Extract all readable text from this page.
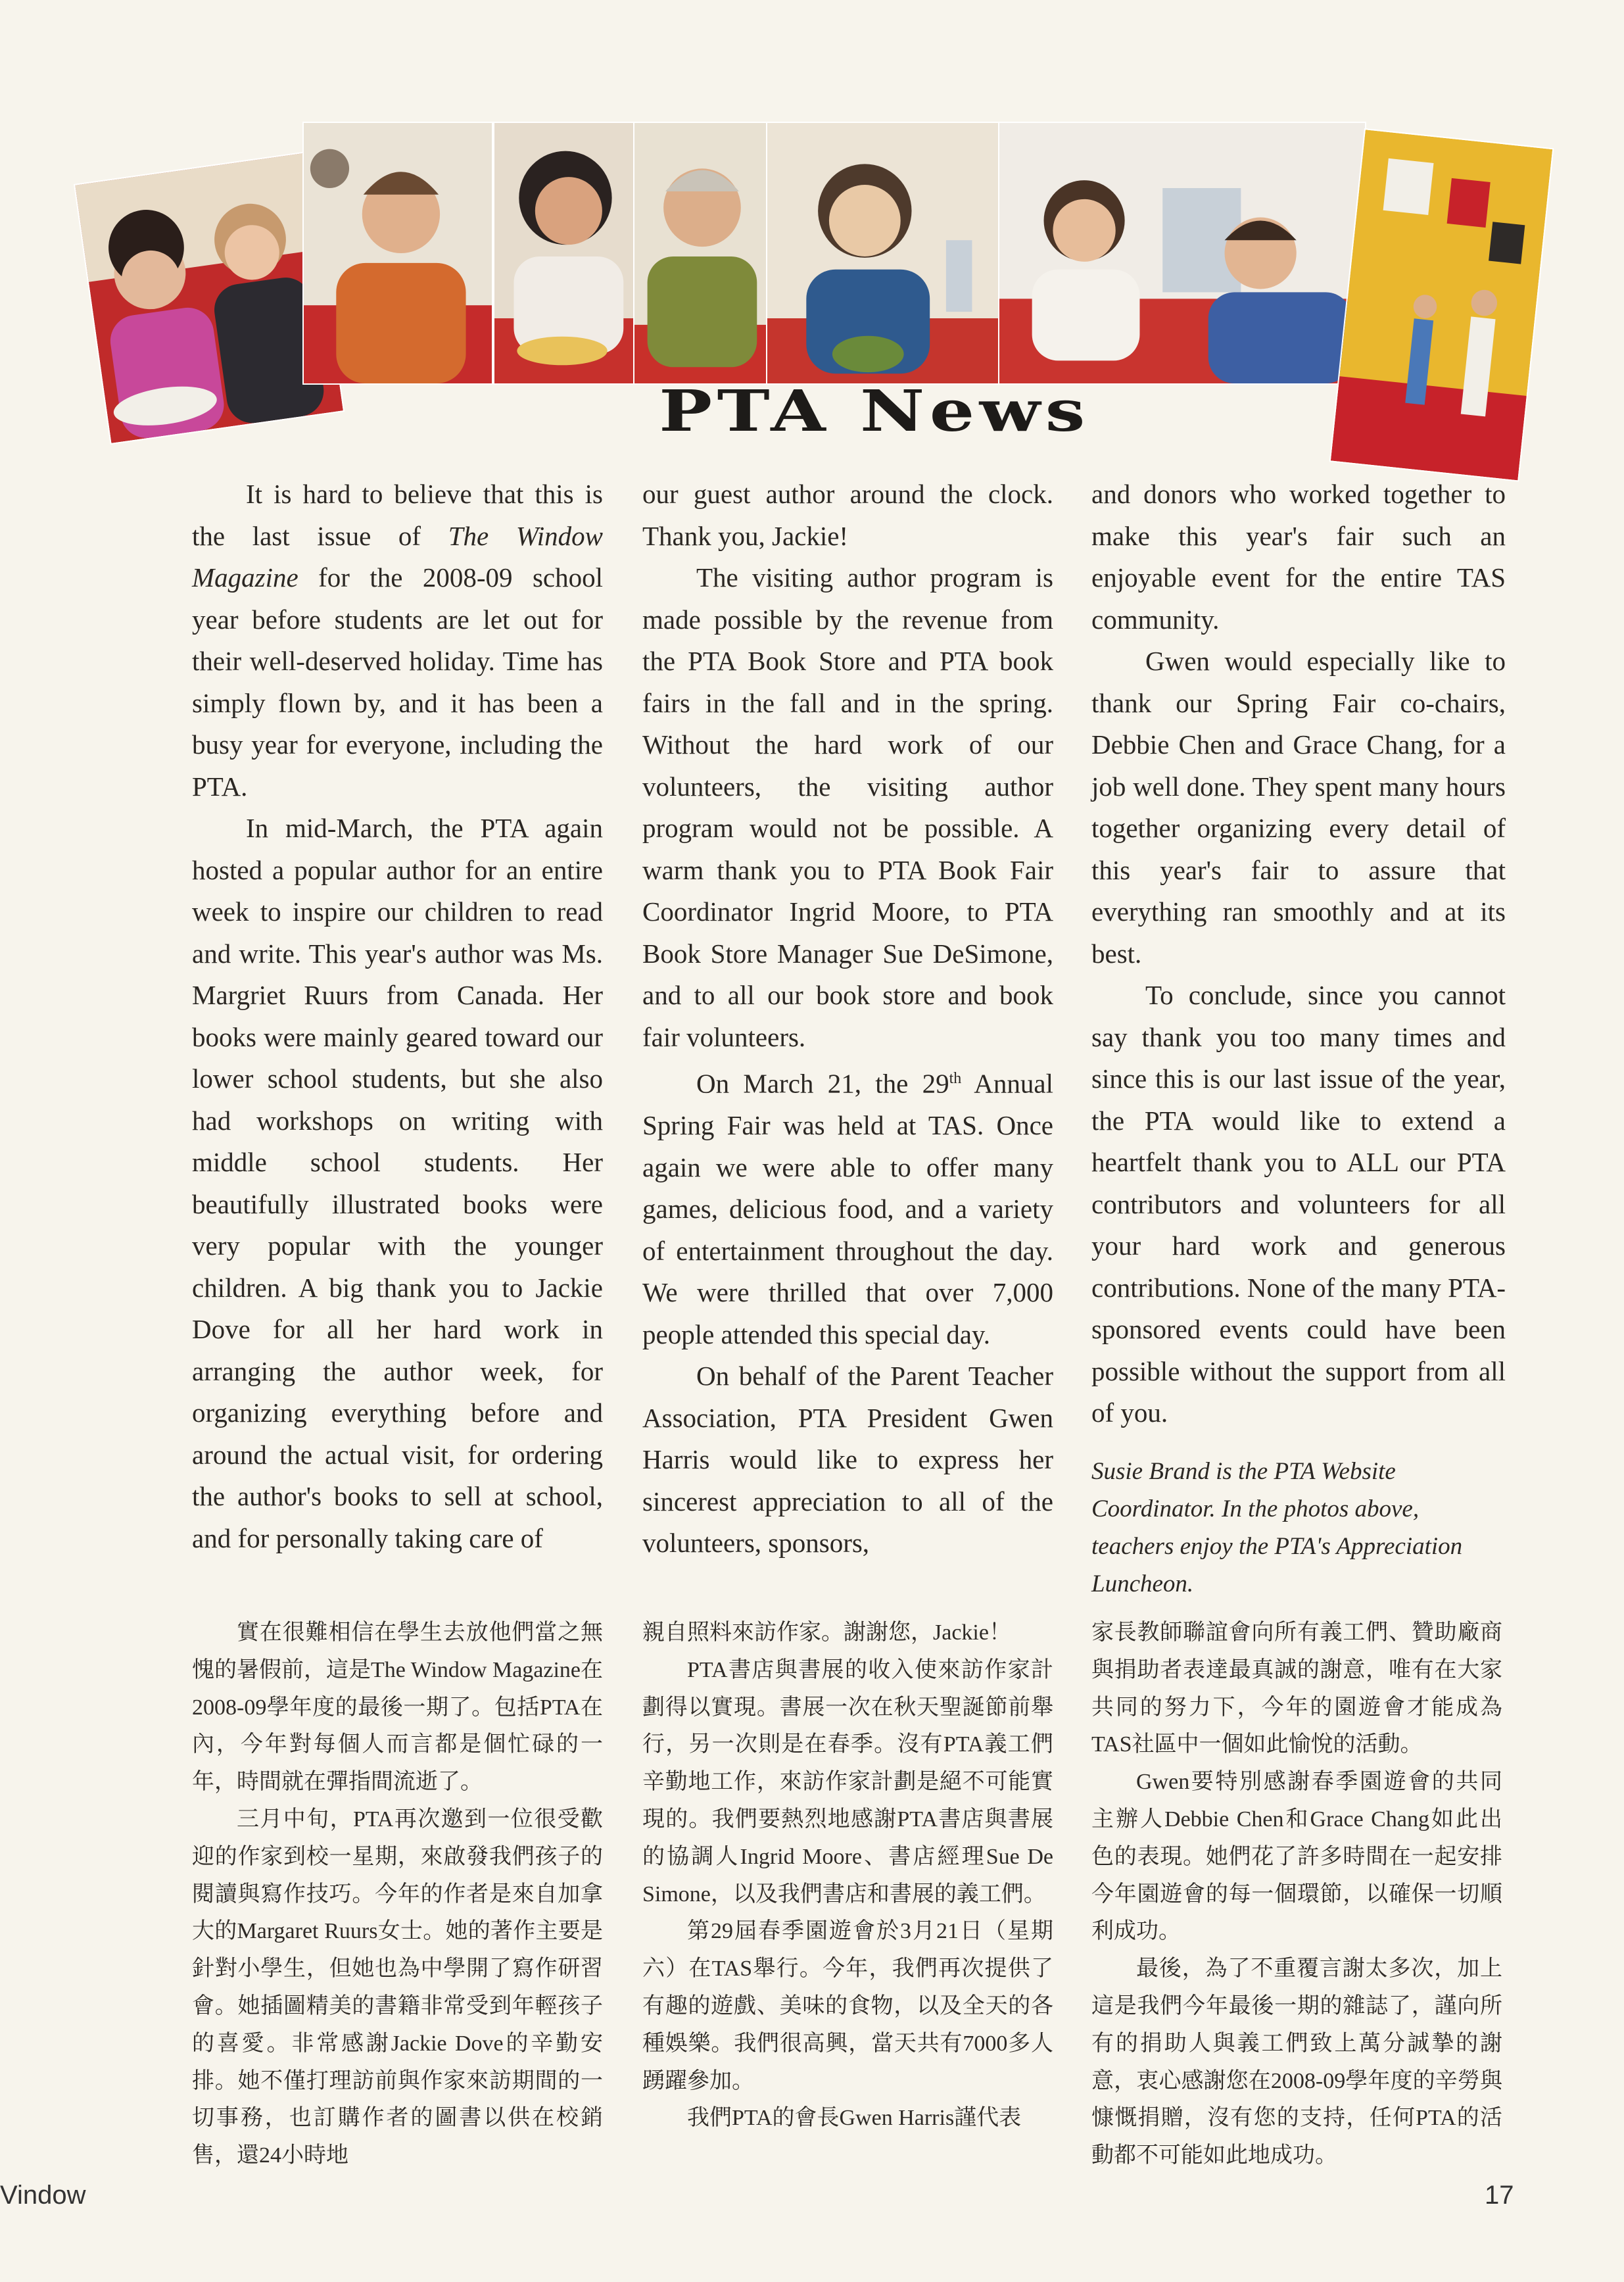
PTA News

It is hard to believe that this is the last issue of The Window Magazine for the 2008-09 school year before students are let out for their well-deserved holiday. Time has simply flown by, and it has been a busy year for everyone, including the PTA.

In mid-March, the PTA again hosted a popular author for an entire week to inspire our children to read and write. This year's author was Ms. Margriet Ruurs from Canada. Her books were mainly geared toward our lower school students, but she also had workshops on writing with middle school students. Her beautifully illustrated books were very popular with the younger children. A big thank you to Jackie Dove for all her hard work in arranging the author week, for organizing everything before and around the actual visit, for ordering the author's books to sell at school, and for personally taking care of

our guest author around the clock. Thank you, Jackie!

The visiting author program is made possible by the revenue from the PTA Book Store and PTA book fairs in the fall and in the spring. Without the hard work of our volunteers, the visiting author program would not be possible. A warm thank you to PTA Book Fair Coordinator Ingrid Moore, to PTA Book Store Manager Sue DeSimone, and to all our book store and book fair volunteers.

On March 21, the 29th Annual Spring Fair was held at TAS. Once again we were able to offer many games, delicious food, and a variety of entertainment throughout the day. We were thrilled that over 7,000 people attended this special day.

On behalf of the Parent Teacher Association, PTA President Gwen Harris would like to express her sincerest appreciation to all of the volunteers, sponsors,

and donors who worked together to make this year's fair such an enjoyable event for the entire TAS community.

Gwen would especially like to thank our Spring Fair co-chairs, Debbie Chen and Grace Chang, for a job well done. They spent many hours together organizing every detail of this year's fair to assure that everything ran smoothly and at its best.

To conclude, since you cannot say thank you too many times and since this is our last issue of the year, the PTA would like to extend a heartfelt thank you to ALL our PTA contributors and volunteers for all your hard work and generous contributions. None of the many PTA-sponsored events could have been possible without the support from all of you.

Susie Brand is the PTA Website Coordinator. In the photos above, teachers enjoy the PTA's Appreciation Luncheon.

實在很難相信在學生去放他們當之無愧的暑假前，這是The Window Magazine在2008-09學年度的最後一期了。包括PTA在內，今年對每個人而言都是個忙碌的一年，時間就在彈指間流逝了。

三月中旬，PTA再次邀到一位很受歡迎的作家到校一星期，來啟發我們孩子的閱讀與寫作技巧。今年的作者是來自加拿大的Margaret Ruurs女士。她的著作主要是針對小學生，但她也為中學開了寫作研習會。她插圖精美的書籍非常受到年輕孩子的喜愛。非常感謝Jackie Dove的辛勤安排。她不僅打理訪前與作家來訪期間的一切事務，也訂購作者的圖書以供在校銷售，還24小時地

親自照料來訪作家。謝謝您，Jackie！

PTA書店與書展的收入使來訪作家計劃得以實現。書展一次在秋天聖誕節前舉行，另一次則是在春季。沒有PTA義工們辛勤地工作，來訪作家計劃是絕不可能實現的。我們要熱烈地感謝PTA書店與書展的協調人Ingrid Moore、書店經理Sue De Simone，以及我們書店和書展的義工們。

第29屆春季園遊會於3月21日（星期六）在TAS舉行。今年，我們再次提供了有趣的遊戲、美味的食物，以及全天的各種娛樂。我們很高興，當天共有7000多人踴躍參加。

我們PTA的會長Gwen Harris謹代表

家長教師聯誼會向所有義工們、贊助廠商與捐助者表達最真誠的謝意，唯有在大家共同的努力下，今年的園遊會才能成為TAS社區中一個如此愉悅的活動。

Gwen要特別感謝春季園遊會的共同主辦人Debbie Chen和Grace Chang如此出色的表現。她們花了許多時間在一起安排今年園遊會的每一個環節，以確保一切順利成功。

最後，為了不重覆言謝太多次，加上這是我們今年最後一期的雜誌了，謹向所有的捐助人與義工們致上萬分誠摯的謝意，衷心感謝您在2008-09學年度的辛勞與慷慨捐贈，沒有您的支持，任何PTA的活動都不可能如此地成功。

Vindow	17
